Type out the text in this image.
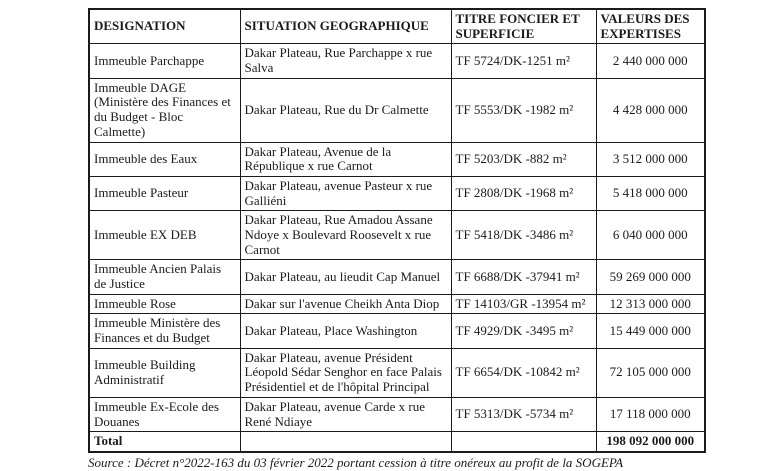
DESIGNATION	SITUATION GEOGRAPHIQUE	TITRE FONCIER ET SUPERFICIE	VALEURS DES EXPERTISES
Immeuble Parchappe	Dakar Plateau, Rue Parchappe x rue Salva	TF 5724/DK-1251 m²	2 440 000 000
Immeuble DAGE (Ministère des Finances et du Budget - Bloc Calmette)	Dakar Plateau, Rue du Dr Calmette	TF 5553/DK -1982 m²	4 428 000 000
Immeuble des Eaux	Dakar Plateau, Avenue de la République x rue Carnot	TF 5203/DK -882 m²	3 512 000 000
Immeuble Pasteur	Dakar Plateau, avenue Pasteur x rue Galliéni	TF 2808/DK -1968 m²	5 418 000 000
Immeuble EX DEB	Dakar Plateau, Rue Amadou Assane Ndoye x Boulevard Roosevelt x rue Carnot	TF 5418/DK -3486 m²	6 040 000 000
Immeuble Ancien Palais de Justice	Dakar Plateau, au lieudit Cap Manuel	TF 6688/DK -37941 m²	59 269 000 000
Immeuble Rose	Dakar sur l'avenue Cheikh Anta Diop	TF 14103/GR -13954 m²	12 313 000 000
Immeuble Ministère des Finances et du Budget	Dakar Plateau, Place Washington	TF 4929/DK -3495 m²	15 449 000 000
Immeuble Building Administratif	Dakar Plateau, avenue Président Léopold Sédar Senghor en face Palais Présidentiel et de l'hôpital Principal	TF 6654/DK -10842 m²	72 105 000 000
Immeuble Ex-Ecole des Douanes	Dakar Plateau, avenue Carde x rue René Ndiaye	TF 5313/DK -5734 m²	17 118 000 000
Total			198 092 000 000

Source : Décret n°2022-163 du 03 février 2022 portant cession à titre onéreux au profit de la SOGEPA
